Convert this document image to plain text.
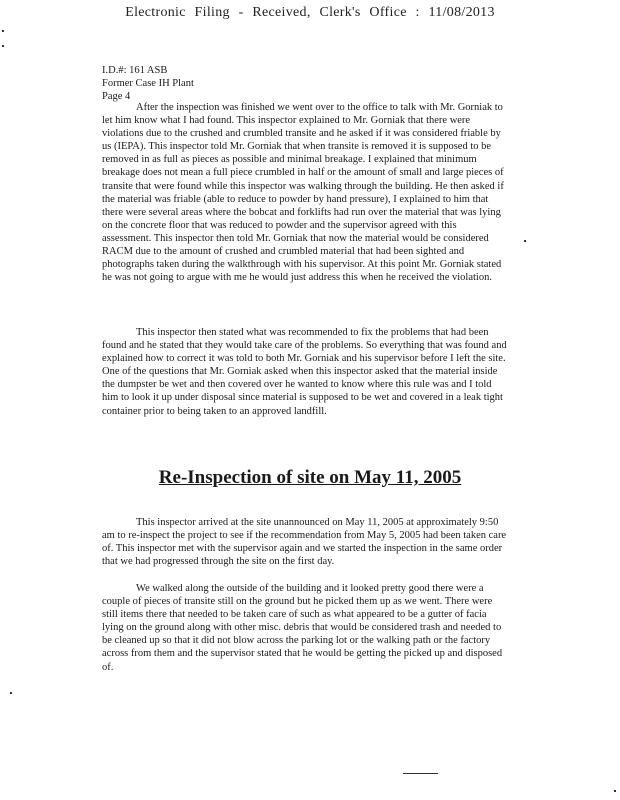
Electronic Filing - Received, Clerk's Office : 11/08/2013
I.D.#: 161 ASB
Former Case IH Plant
Page 4

After the inspection was finished we went over to the office to talk with Mr. Gorniak to let him know what I had found. This inspector explained to Mr. Gorniak that there were violations due to the crushed and crumbled transite and he asked if it was considered friable by us (IEPA). This inspector told Mr. Gorniak that when transite is removed it is supposed to be removed in as full as pieces as possible and minimal breakage. I explained that minimum breakage does not mean a full piece crumbled in half or the amount of small and large pieces of transite that were found while this inspector was walking through the building. He then asked if the material was friable (able to reduce to powder by hand pressure), I explained to him that there were several areas where the bobcat and forklifts had run over the material that was lying on the concrete floor that was reduced to powder and the supervisor agreed with this assessment. This inspector then told Mr. Gorniak that now the material would be considered RACM due to the amount of crushed and crumbled material that had been sighted and photographs taken during the walkthrough with his supervisor. At this point Mr. Gorniak stated he was not going to argue with me he would just address this when he received the violation.

This inspector then stated what was recommended to fix the problems that had been found and he stated that they would take care of the problems. So everything that was found and explained how to correct it was told to both Mr. Gorniak and his supervisor before I left the site. One of the questions that Mr. Gorniak asked when this inspector asked that the material inside the dumpster be wet and then covered over he wanted to know where this rule was and I told him to look it up under disposal since material is supposed to be wet and covered in a leak tight container prior to being taken to an approved landfill.

Re-Inspection of site on May 11, 2005

This inspector arrived at the site unannounced on May 11, 2005 at approximately 9:50 am to re-inspect the project to see if the recommendation from May 5, 2005 had been taken care of. This inspector met with the supervisor again and we started the inspection in the same order that we had progressed through the site on the first day.

We walked along the outside of the building and it looked pretty good there were a couple of pieces of transite still on the ground but he picked them up as we went. There were still items there that needed to be taken care of such as what appeared to be a gutter of facia lying on the ground along with other misc. debris that would be considered trash and needed to be cleaned up so that it did not blow across the parking lot or the walking path or the factory across from them and the supervisor stated that he would be getting the picked up and disposed of.
